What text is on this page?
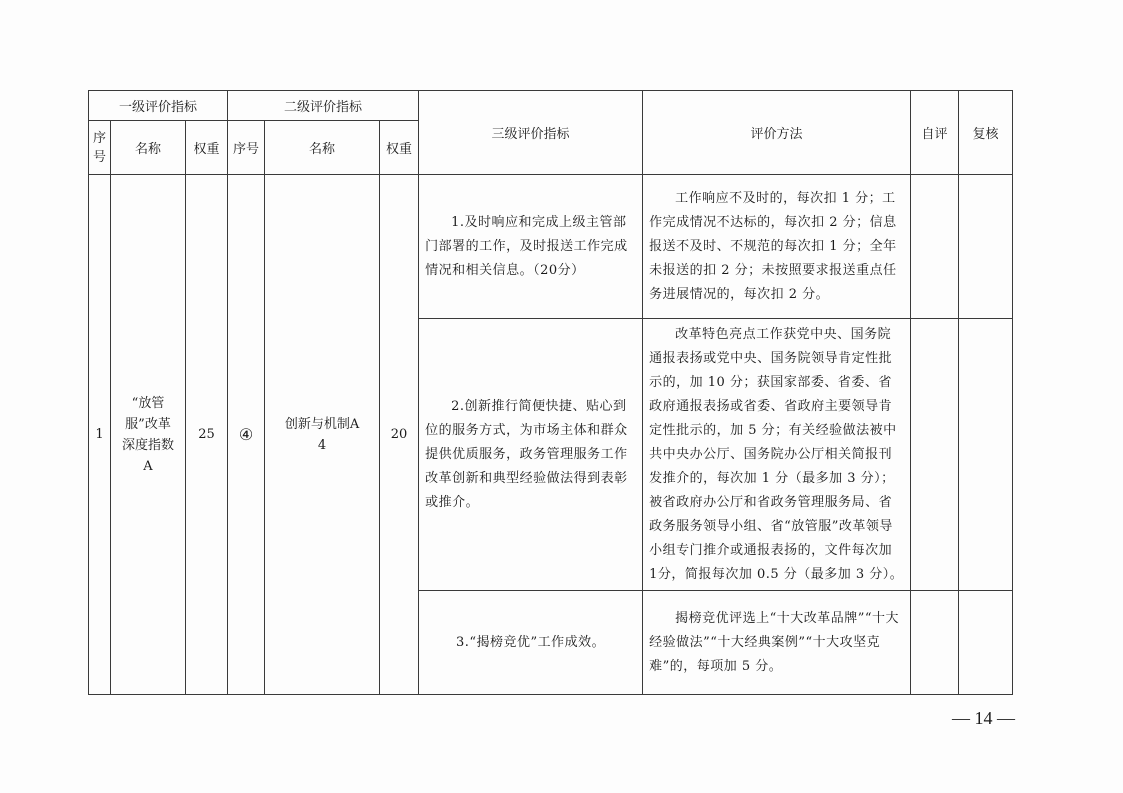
一级评价指标			二级评价指标			三级评价指标	评价方法	自评	复核

序号	名称	权重	序号	名称	权重				
1	“放管服”改革深度指数A	25	④	创新与机制A4	20	1.及时响应和完成上级主管部门部署的工作，及时报送工作完成情况和相关信息。（20分）	工作响应不及时的，每次扣 1 分；工作完成情况不达标的，每次扣 2 分；信息报送不及时、不规范的每次扣 1 分；全年未报送的扣 2 分；未按照要求报送重点任务进展情况的，每次扣 2 分。		

						2.创新推行简便快捷、贴心到位的服务方式，为市场主体和群众提供优质服务，政务管理服务工作改革创新和典型经验做法得到表彰或推介。	改革特色亮点工作获党中央、国务院通报表扬或党中央、国务院领导肯定性批示的，加 10 分；获国家部委、省委、省政府通报表扬或省委、省政府主要领导肯定性批示的，加 5 分；有关经验做法被中共中央办公厅、国务院办公厅相关简报刊发推介的，每次加 1 分（最多加 3 分）；被省政府办公厅和省政务管理服务局、省政务服务领导小组、省“放管服”改革领导小组专门推介或通报表扬的，文件每次加 1分，简报每次加 0.5 分（最多加 3 分）。		

						3.“揭榜竞优”工作成效。	揭榜竞优评选上“十大改革品牌”“十大经验做法”“十大经典案例”“十大攻坚克难”的，每项加 5 分。		

— 14 —
